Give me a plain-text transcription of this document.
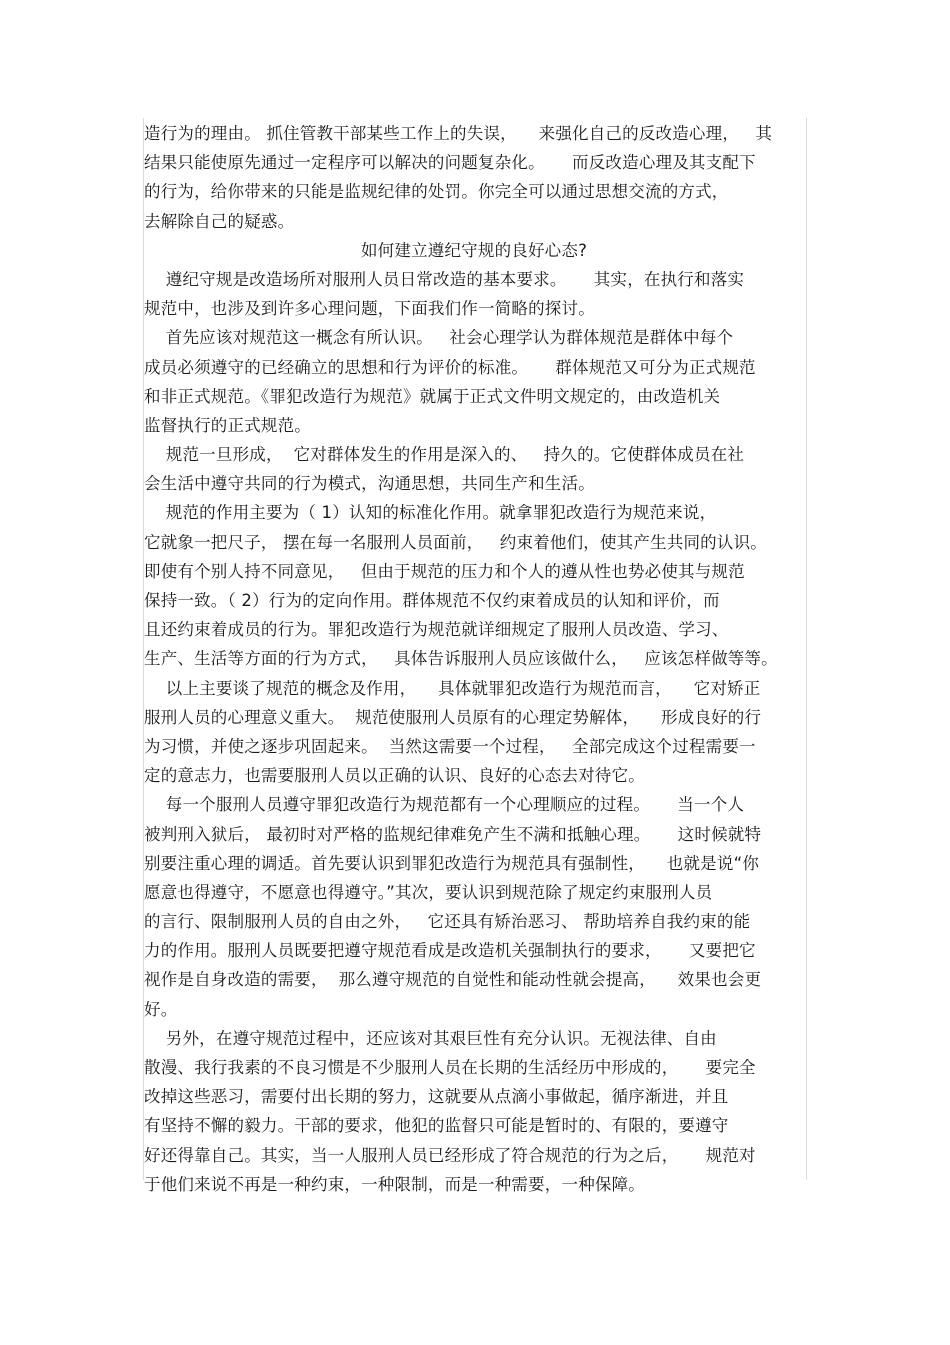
造行为的理由。 抓住管教干部某些工作上的失误，    来强化自己的反改造心理，   其
结果只能使原先通过一定程序可以解决的问题复杂化。     而反改造心理及其支配下
的行为，给你带来的只能是监规纪律的处罚。你完全可以通过思想交流的方式，
去解除自己的疑惑。
如何建立遵纪守规的良好心态?
遵纪守规是改造场所对服刑人员日常改造的基本要求。     其实，在执行和落实
规范中，也涉及到许多心理问题，下面我们作一简略的探讨。
首先应该对规范这一概念有所认识。   社会心理学认为群体规范是群体中每个
成员必须遵守的已经确立的思想和行为评价的标准。     群体规范又可分为正式规范
和非正式规范。《罪犯改造行为规范》就属于正式文件明文规定的，由改造机关
监督执行的正式规范。
规范一旦形成，  它对群体发生的作用是深入的、   持久的。它使群体成员在社
会生活中遵守共同的行为模式，沟通思想，共同生产和生活。
规范的作用主要为（ 1）认知的标准化作用。就拿罪犯改造行为规范来说，
它就象一把尺子， 摆在每一名服刑人员面前，   约束着他们，使其产生共同的认识。
即使有个别人持不同意见，   但由于规范的压力和个人的遵从性也势必使其与规范
保持一致。（ 2）行为的定向作用。群体规范不仅约束着成员的认知和评价，而
且还约束着成员的行为。罪犯改造行为规范就详细规定了服刑人员改造、学习、
生产、生活等方面的行为方式，   具体告诉服刑人员应该做什么，   应该怎样做等等。
以上主要谈了规范的概念及作用，    具体就罪犯改造行为规范而言，    它对矫正
服刑人员的心理意义重大。  规范使服刑人员原有的心理定势解体，    形成良好的行
为习惯，并使之逐步巩固起来。  当然这需要一个过程，   全部完成这个过程需要一
定的意志力，也需要服刑人员以正确的认识、良好的心态去对待它。
每一个服刑人员遵守罪犯改造行为规范都有一个心理顺应的过程。     当一个人
被判刑入狱后， 最初时对严格的监规纪律难免产生不满和抵触心理。     这时候就特
别要注重心理的调适。首先要认识到罪犯改造行为规范具有强制性，    也就是说“你
愿意也得遵守，不愿意也得遵守。”其次，要认识到规范除了规定约束服刑人员
的言行、限制服刑人员的自由之外，   它还具有矫治恶习、 帮助培养自我约束的能
力的作用。服刑人员既要把遵守规范看成是改造机关强制执行的要求，     又要把它
视作是自身改造的需要，  那么遵守规范的自觉性和能动性就会提高，    效果也会更
好。
另外，在遵守规范过程中，还应该对其艰巨性有充分认识。无视法律、自由
散漫、我行我素的不良习惯是不少服刑人员在长期的生活经历中形成的，     要完全
改掉这些恶习，需要付出长期的努力，这就要从点滴小事做起，循序渐进，并且
有坚持不懈的毅力。干部的要求，他犯的监督只可能是暂时的、有限的，要遵守
好还得靠自己。其实，当一人服刑人员已经形成了符合规范的行为之后，     规范对
于他们来说不再是一种约束，一种限制，而是一种需要，一种保障。
